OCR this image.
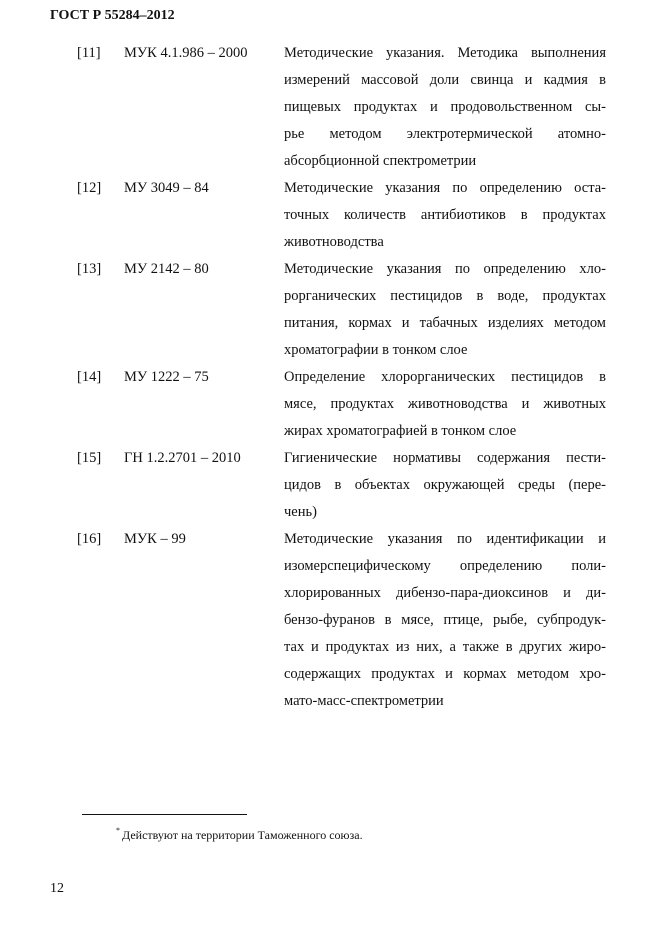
ГОСТ Р 55284–2012
[11] МУК 4.1.986 – 2000	Методические указания. Методика выполнения
измерений массовой доли свинца и кадмия в
пищевых продуктах и продовольственном сы-
рье методом электротермической атомно-
абсорбционной спектрометрии
[12] МУ 3049 – 84	Методические указания по определению оста-
точных количеств антибиотиков в продуктах
животноводства
[13] МУ 2142 – 80	Методические указания по определению хло-
рорганических пестицидов в воде, продуктах
питания, кормах и табачных изделиях методом
хроматографии в тонком слое
[14] МУ 1222 – 75	Определение хлорорганических пестицидов в
мясе, продуктах животноводства и животных
жирах хроматографией в тонком слое
[15] ГН 1.2.2701 – 2010	Гигиенические нормативы содержания пести-
цидов в объектах окружающей среды (пере-
чень)
[16] МУК – 99	Методические указания по идентификации и
изомерспецифическому определению поли-
хлорированных дибензо-пара-диоксинов и ди-
бензо-фуранов в мясе, птице, рыбе, субпродук-
тах и продуктах из них, а также в других жиро-
содержащих продуктах и кормах методом хро-
мато-масс-спектрометрии
* Действуют на территории Таможенного союза.
12
